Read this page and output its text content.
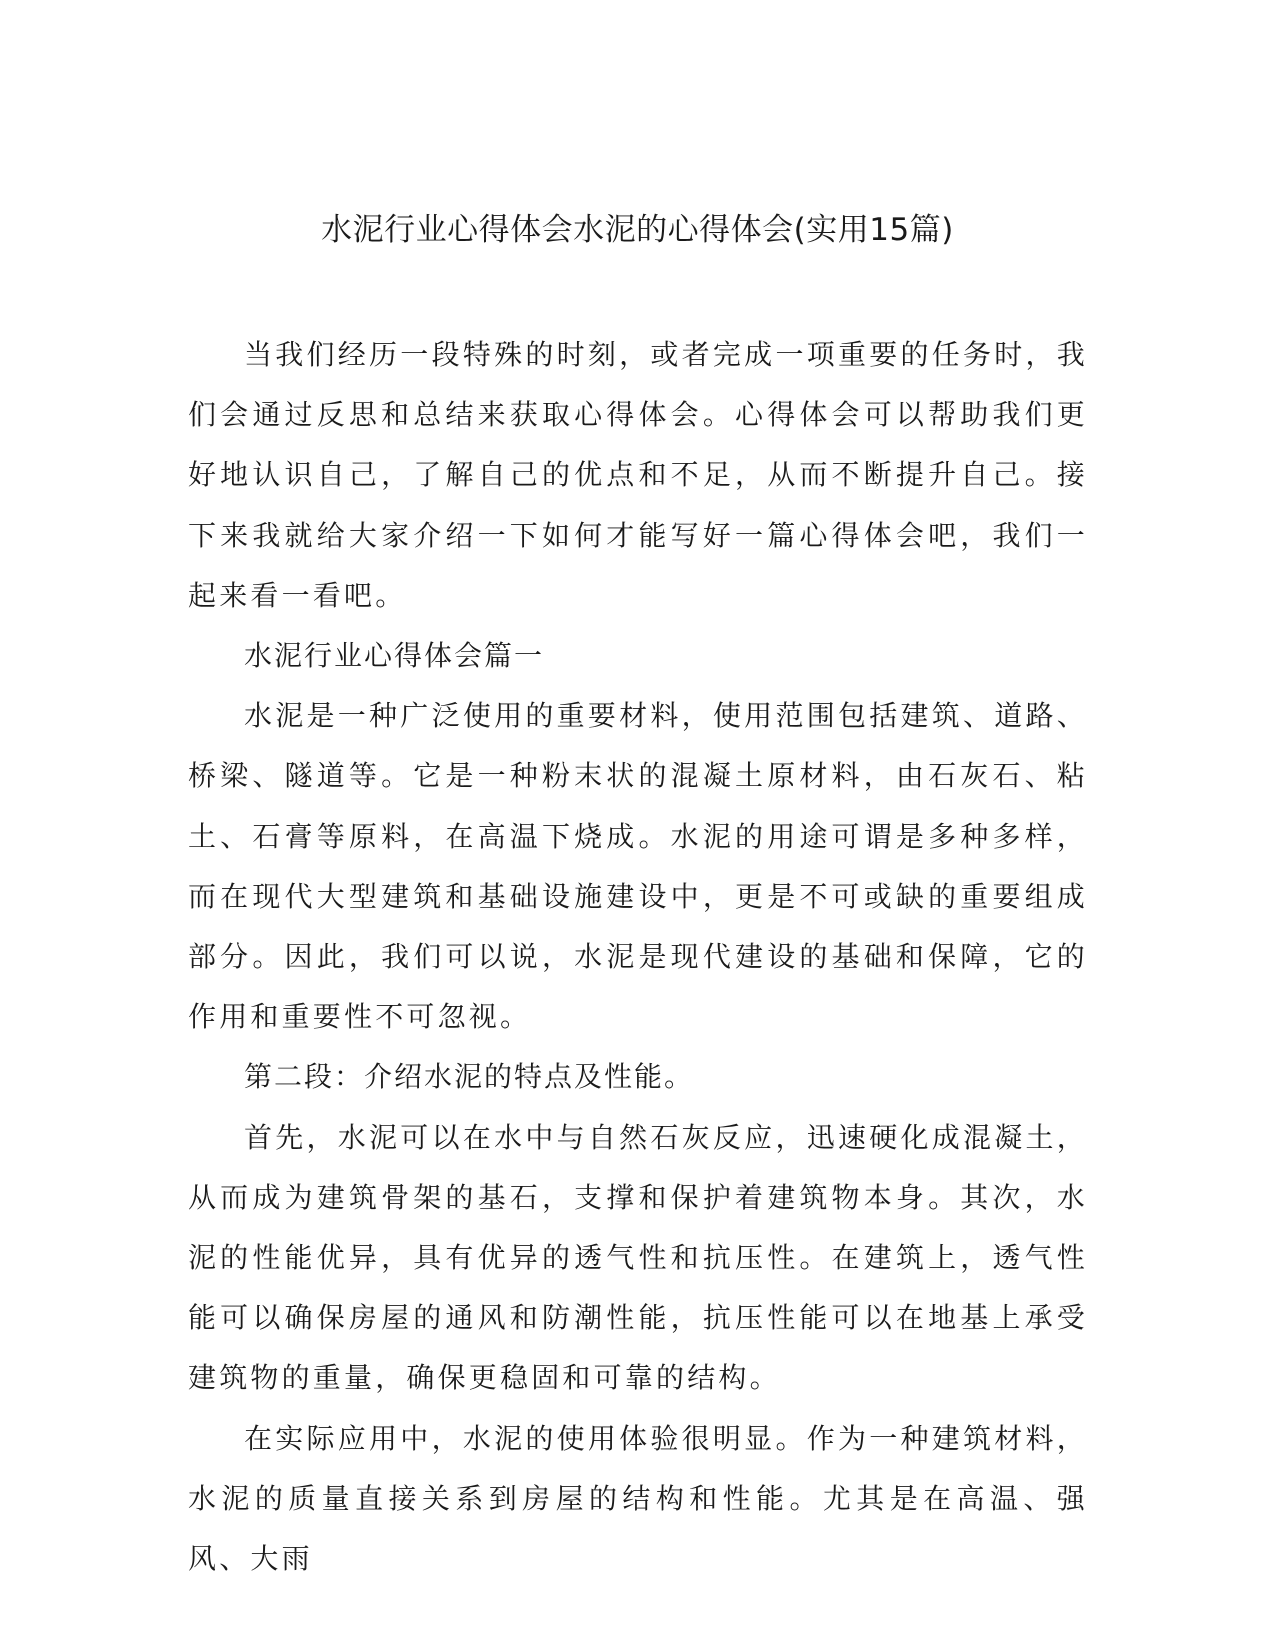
水泥行业心得体会水泥的心得体会(实用15篇)

当我们经历一段特殊的时刻，或者完成一项重要的任务时，我们会通过反思和总结来获取心得体会。心得体会可以帮助我们更好地认识自己，了解自己的优点和不足，从而不断提升自己。接下来我就给大家介绍一下如何才能写好一篇心得体会吧，我们一起来看一看吧。

水泥行业心得体会篇一

水泥是一种广泛使用的重要材料，使用范围包括建筑、道路、桥梁、隧道等。它是一种粉末状的混凝土原材料，由石灰石、粘土、石膏等原料，在高温下烧成。水泥的用途可谓是多种多样，而在现代大型建筑和基础设施建设中，更是不可或缺的重要组成部分。因此，我们可以说，水泥是现代建设的基础和保障，它的作用和重要性不可忽视。

第二段：介绍水泥的特点及性能。

首先，水泥可以在水中与自然石灰反应，迅速硬化成混凝土，从而成为建筑骨架的基石，支撑和保护着建筑物本身。其次，水泥的性能优异，具有优异的透气性和抗压性。在建筑上，透气性能可以确保房屋的通风和防潮性能，抗压性能可以在地基上承受建筑物的重量，确保更稳固和可靠的结构。

在实际应用中，水泥的使用体验很明显。作为一种建筑材料，水泥的质量直接关系到房屋的结构和性能。尤其是在高温、强风、大雨
